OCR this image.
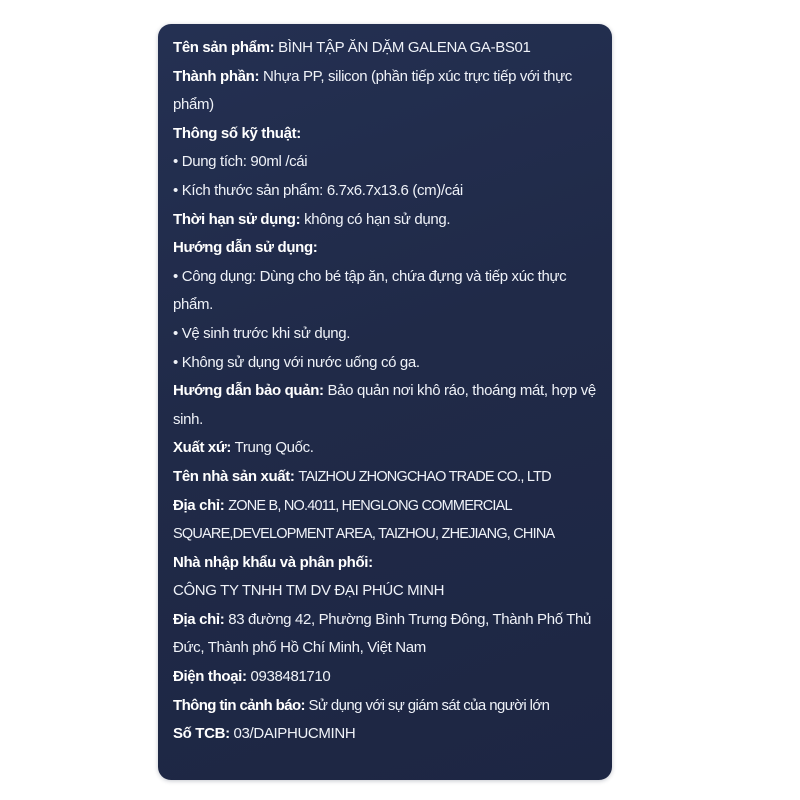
Tên sản phẩm: BÌNH TẬP ĂN DẶM GALENA GA-BS01

Thành phần: Nhựa PP, silicon (phần tiếp xúc trực tiếp với thực phẩm)

Thông số kỹ thuật:

• Dung tích: 90ml /cái

• Kích thước sản phẩm: 6.7x6.7x13.6 (cm)/cái

Thời hạn sử dụng: không có hạn sử dụng.

Hướng dẫn sử dụng:

• Công dụng: Dùng cho bé tập ăn, chứa đựng và tiếp xúc thực phẩm.

• Vệ sinh trước khi sử dụng.

• Không sử dụng với nước uống có ga.

Hướng dẫn bảo quản: Bảo quản nơi khô ráo, thoáng mát, hợp vệ sinh.

Xuất xứ: Trung Quốc.

Tên nhà sản xuất: TAIZHOU ZHONGCHAO TRADE CO., LTD

Địa chỉ: ZONE B, NO.4011, HENGLONG COMMERCIAL SQUARE,DEVELOPMENT AREA, TAIZHOU, ZHEJIANG, CHINA

Nhà nhập khẩu và phân phối:

CÔNG TY TNHH TM DV ĐẠI PHÚC MINH

Địa chỉ: 83 đường 42, Phường Bình Trưng Đông, Thành Phố Thủ Đức, Thành phố Hồ Chí Minh, Việt Nam

Điện thoại: 0938481710

Thông tin cảnh báo: Sử dụng với sự giám sát của người lớn

Số TCB: 03/DAIPHUCMINH
